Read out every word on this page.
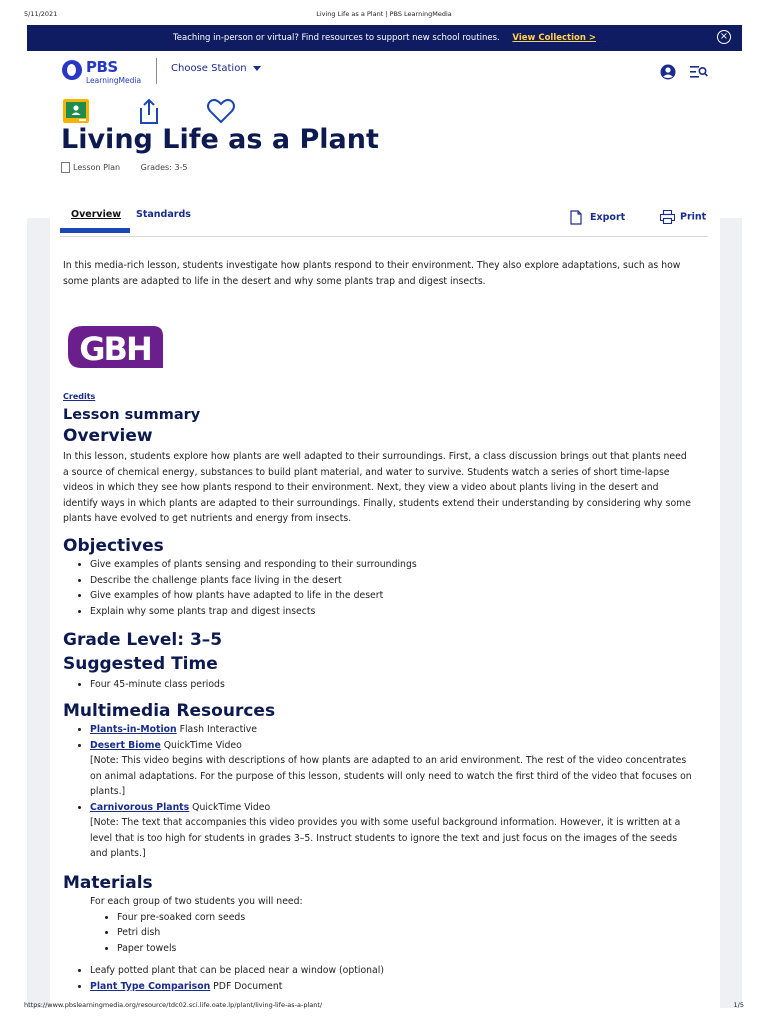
5/11/2021	Living Life as a Plant | PBS LearningMedia
Teaching in-person or virtual? Find resources to support new school routines. View Collection >	×
PBS
LearningMedia
Choose Station
Living Life as a Plant
Lesson Plan	Grades: 3-5
Overview Standards	Export	Print

In this media-rich lesson, students investigate how plants respond to their environment. They also explore adaptations, such as how some plants are adapted to life in the desert and why some plants trap and digest insects.

GBH
Credits
Lesson summary
Overview

In this lesson, students explore how plants are well adapted to their surroundings. First, a class discussion brings out that plants need a source of chemical energy, substances to build plant material, and water to survive. Students watch a series of short time-lapse videos in which they see how plants respond to their environment. Next, they view a video about plants living in the desert and identify ways in which plants are adapted to their surroundings. Finally, students extend their understanding by considering why some plants have evolved to get nutrients and energy from insects.

Objectives
• Give examples of plants sensing and responding to their surroundings
• Describe the challenge plants face living in the desert
• Give examples of how plants have adapted to life in the desert
• Explain why some plants trap and digest insects
Grade Level: 3–5
Suggested Time
• Four 45-minute class periods
Multimedia Resources
• Plants-in-Motion Flash Interactive
• Desert Biome QuickTime Video
[Note: This video begins with descriptions of how plants are adapted to an arid environment. The rest of the video concentrates on animal adaptations. For the purpose of this lesson, students will only need to watch the first third of the video that focuses on plants.]
• Carnivorous Plants QuickTime Video
[Note: The text that accompanies this video provides you with some useful background information. However, it is written at a level that is too high for students in grades 3–5. Instruct students to ignore the text and just focus on the images of the seeds and plants.]
Materials
For each group of two students you will need:
• Four pre-soaked corn seeds
• Petri dish
• Paper towels
• Leafy potted plant that can be placed near a window (optional)
• Plant Type Comparison PDF Document
https://www.pbslearningmedia.org/resource/tdc02.sci.life.oate.lp/plant/living-life-as-a-plant/	1/5
